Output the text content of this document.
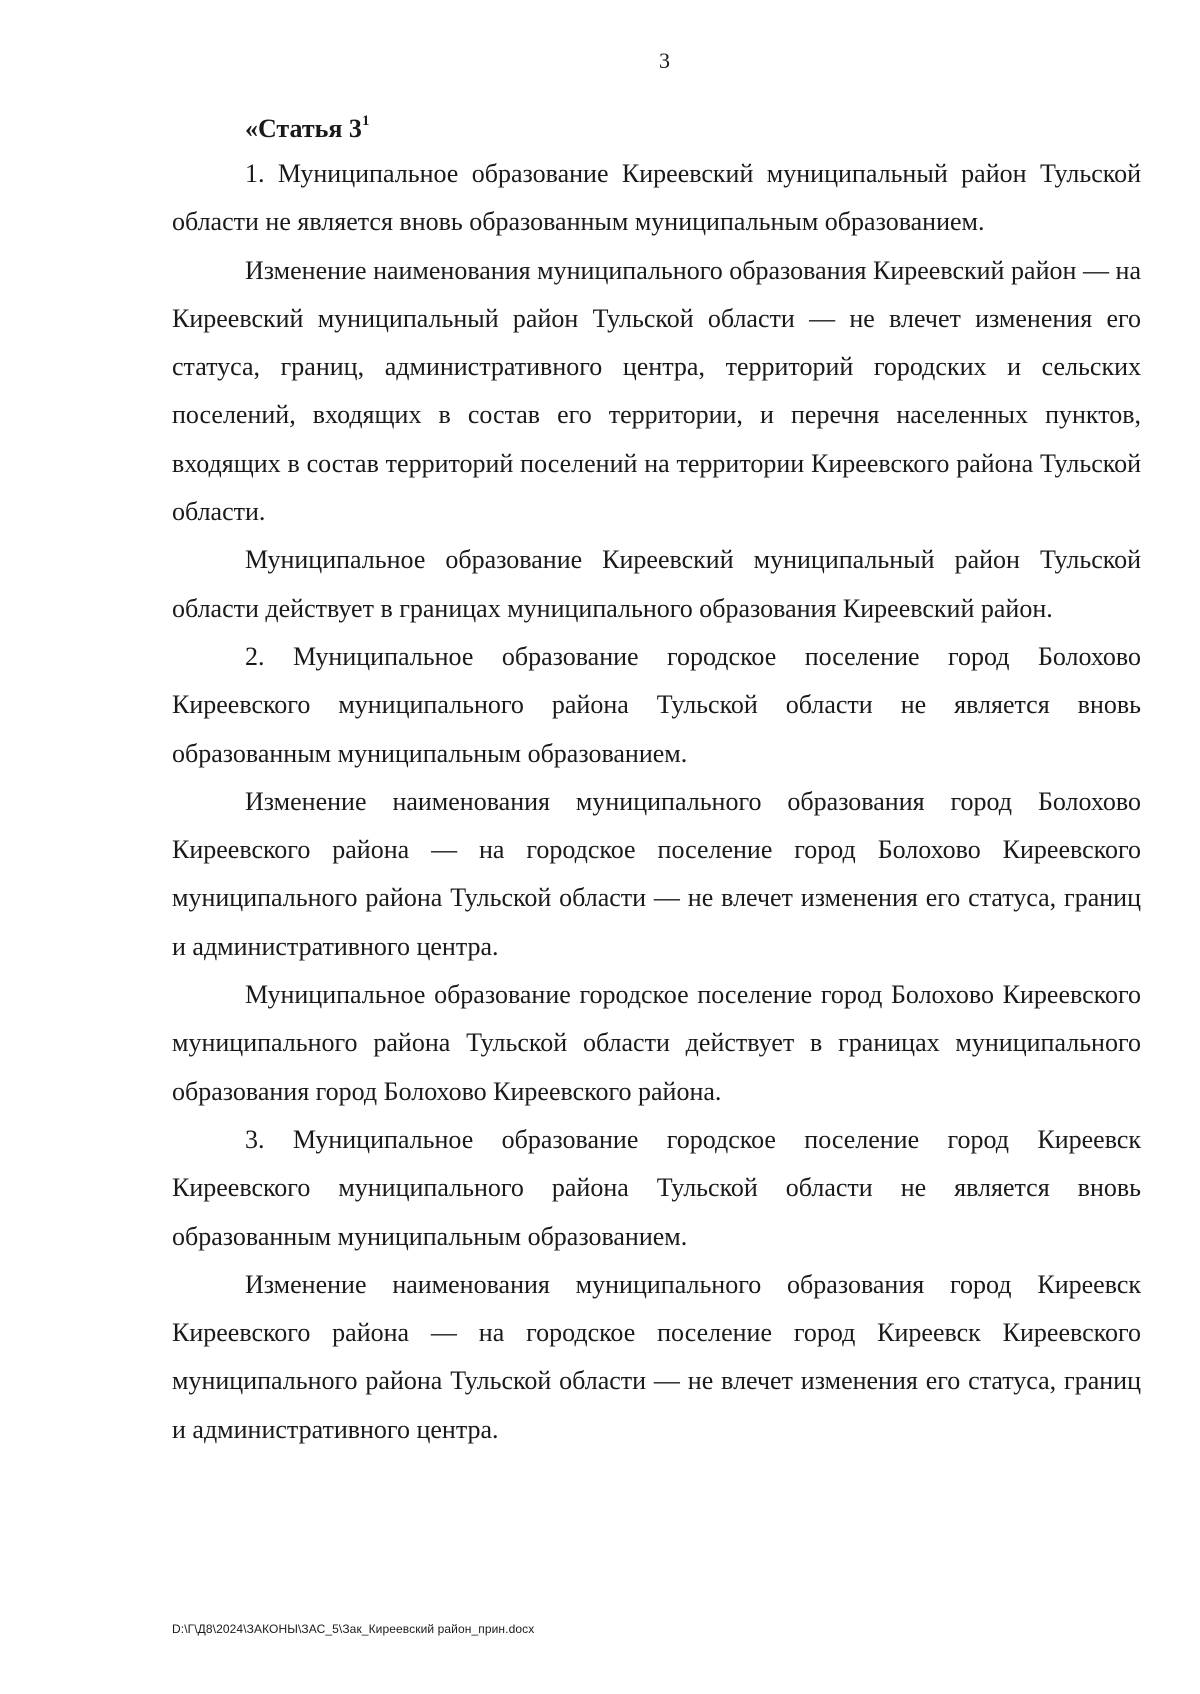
3
«Статья $3^1$

1. Муниципальное образование Киреевский муниципальный район Тульской области не является вновь образованным муниципальным образованием.

Изменение наименования муниципального образования Киреевский район — на Киреевский муниципальный район Тульской области — не влечет изменения его статуса, границ, административного центра, территорий городских и сельских поселений, входящих в состав его территории, и перечня населенных пунктов, входящих в состав территорий поселений на территории Киреевского района Тульской области.

Муниципальное образование Киреевский муниципальный район Тульской области действует в границах муниципального образования Киреевский район.

2. Муниципальное образование городское поселение город Болохово Киреевского муниципального района Тульской области не является вновь образованным муниципальным образованием.

Изменение наименования муниципального образования город Болохово Киреевского района — на городское поселение город Болохово Киреевского муниципального района Тульской области — не влечет изменения его статуса, границ и административного центра.

Муниципальное образование городское поселение город Болохово Киреевского муниципального района Тульской области действует в границах муниципального образования город Болохово Киреевского района.

3. Муниципальное образование городское поселение город Киреевск Киреевского муниципального района Тульской области не является вновь образованным муниципальным образованием.

Изменение наименования муниципального образования город Киреевск Киреевского района — на городское поселение город Киреевск Киреевского муниципального района Тульской области — не влечет изменения его статуса, границ и административного центра.

D:\Г\Д8\2024\ЗАКОНЫ\ЗАС_5\Зак_Киреевский район_прин.docx
